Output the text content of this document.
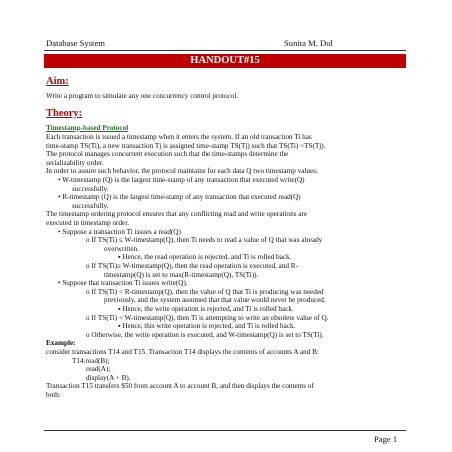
Database System	Sunita M. Dol
HANDOUT#15
Aim:
Write a program to simulate any one concurrency control protocol.
Theory:
Timestamp-based Protocol
Each transaction is issued a timestamp when it enters the system. If an old transaction Ti has
time-stamp TS(Ti), a new transaction Tj is assigned time-stamp TS(Tj) such that TS(Ti) <TS(Tj).
The protocol manages concurrent execution such that the time-stamps determine the
serializability order.
In order to assure such behavior, the protocol maintains for each data Q two timestamp values:
• W-timestamp (Q) is the largest time-stamp of any transaction that executed write(Q)
successfully.
• R-timestamp (Q) is the largest time-stamp of any transaction that executed read(Q)
successfully.
The timestamp ordering protocol ensures that any conflicting read and write operations are
executed in timestamp order.
• Suppose a transaction Ti issues a read(Q)
o If TS(Ti) ≤ W-timestamp(Q), then Ti needs to read a value of Q that was already
overwritten.
▪ Hence, the read operation is rejected, and Ti is rolled back.
o If TS(Ti)≥ W-timestamp(Q), then the read operation is executed, and R-
timestamp(Q) is set to max(R-timestamp(Q), TS(Ti)).
• Suppose that transaction Ti issues write(Q).
o If TS(Ti) < R-timestamp(Q), then the value of Q that Ti is producing was needed
previously, and the system assumed that that value would never be produced.
▪ Hence, the write operation is rejected, and Ti is rolled back.
o If TS(Ti) < W-timestamp(Q), then Ti is attempting to write an obsolete value of Q.
▪ Hence, this write operation is rejected, and Ti is rolled back.
o Otherwise, the write operation is executed, and W-timestamp(Q) is set to TS(Ti).
Example:
consider transactions T14 and T15. Transaction T14 displays the contents of accounts A and B:
T14:read(B);
read(A);
display(A + B).
Transaction T15 transfers $50 from account A to account B, and then displays the contents of
both:
Page 1
